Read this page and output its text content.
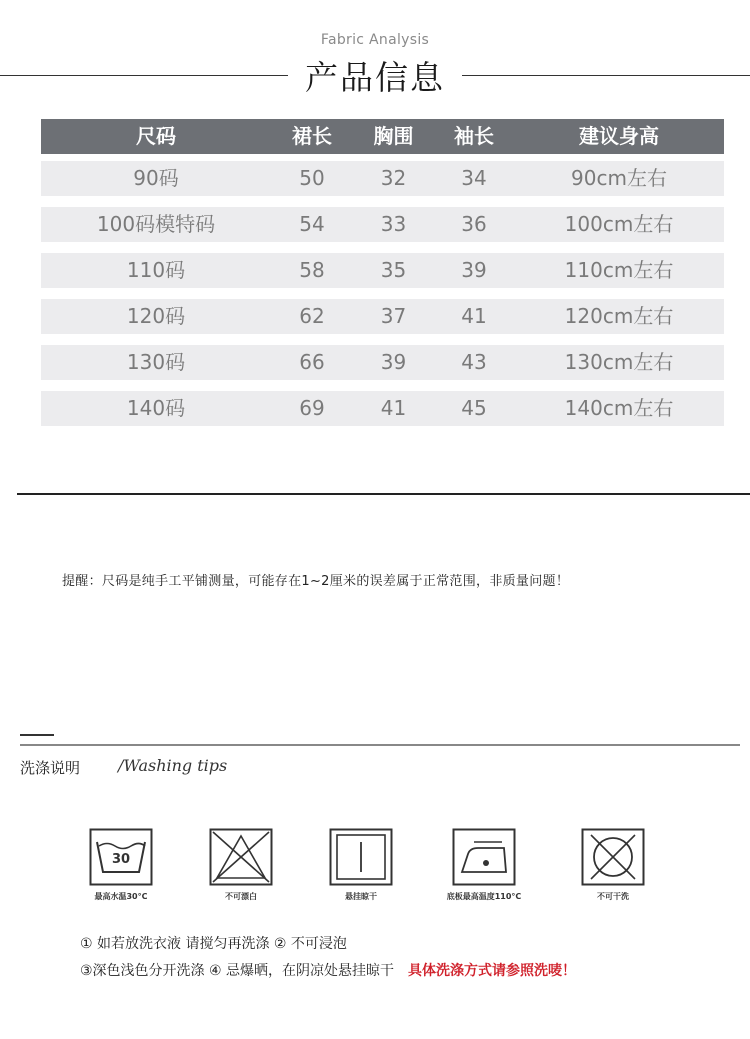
Fabric Analysis
产品信息
尺码	裙长	胸围	袖长	建议身高
90码	50	32	34	90cm左右
100码模特码	54	33	36	100cm左右
110码	58	35	39	110cm左右
120码	62	37	41	120cm左右
130码	66	39	43	130cm左右
140码	69	41	45	140cm左右
提醒：尺码是纯手工平铺测量，可能存在1~2厘米的误差属于正常范围，非质量问题！
洗涤说明 /Washing tips
30
最高水温30°C	不可漂白	悬挂晾干	底板最高温度110°C	不可干洗
① 如若放洗衣液 请搅匀再洗涤 ② 不可浸泡
③深色浅色分开洗涤 ④ 忌爆晒，在阴凉处悬挂晾干 具体洗涤方式请参照洗唛！
